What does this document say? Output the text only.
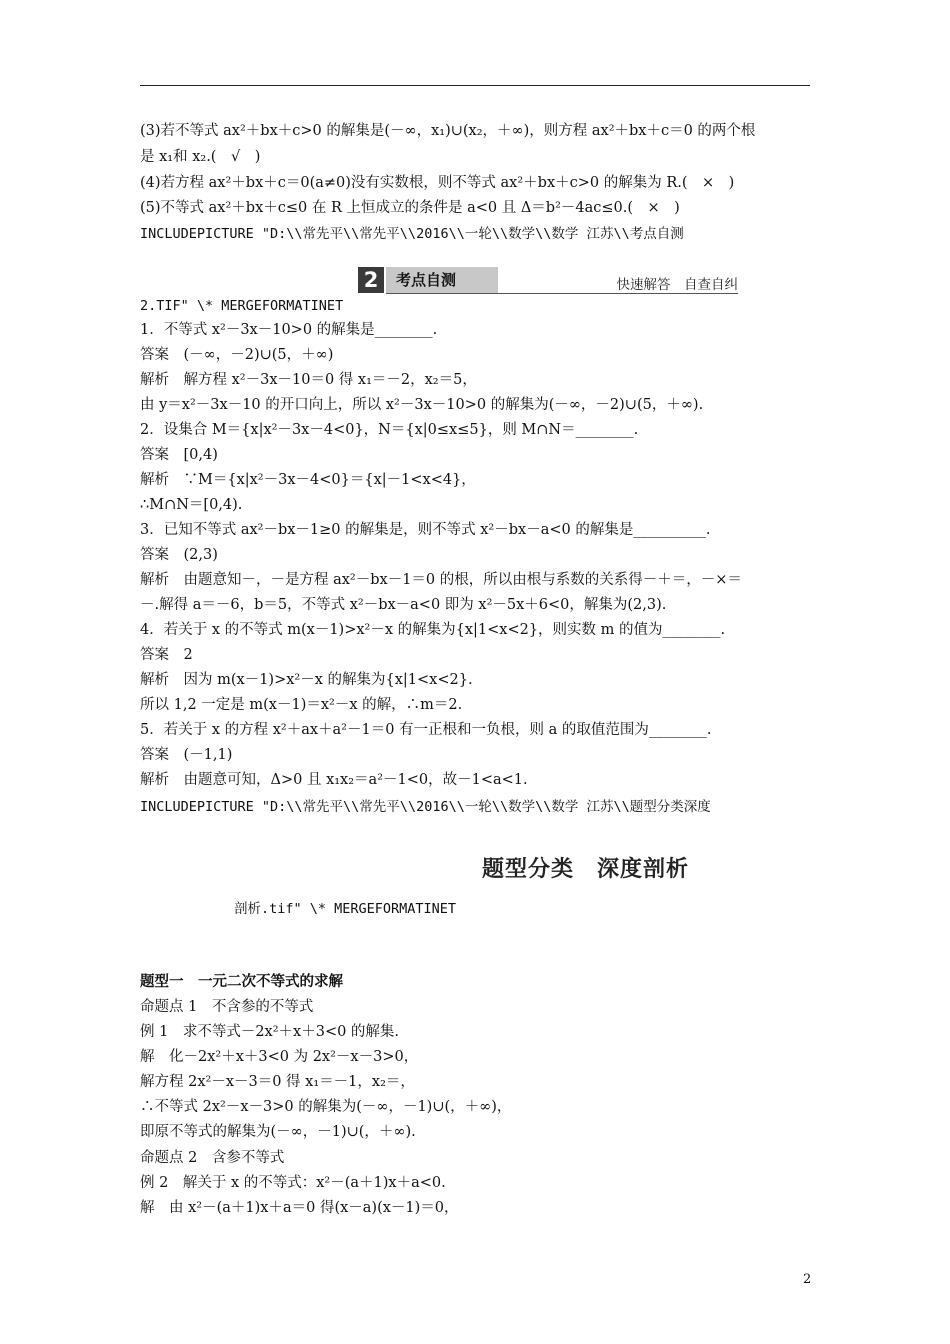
(3)若不等式 ax²＋bx＋c>0 的解集是(－∞，x₁)∪(x₂，＋∞)，则方程 ax²＋bx＋c＝0 的两个根
是 x₁和 x₂.(　√　)
(4)若方程 ax²＋bx＋c＝0(a≠0)没有实数根，则不等式 ax²＋bx＋c>0 的解集为 R.(　×　)
(5)不等式 ax²＋bx＋c≤0 在 R 上恒成立的条件是 a<0 且 Δ＝b²－4ac≤0.(　×　)
INCLUDEPICTURE "D:\\常先平\\常先平\\2016\\一轮\\数学\\数学 江苏\\考点自测
2	考点自测	快速解答　自查自纠
2.TIF" \* MERGEFORMATINET
1．不等式 x²－3x－10>0 的解集是________.
答案　(－∞，－2)∪(5，＋∞)
解析　解方程 x²－3x－10＝0 得 x₁＝－2，x₂＝5，
由 y＝x²－3x－10 的开口向上，所以 x²－3x－10>0 的解集为(－∞，－2)∪(5，＋∞).
2．设集合 M＝{x|x²－3x－4<0}，N＝{x|0≤x≤5}，则 M∩N＝________.
答案　[0,4)
解析　∵M＝{x|x²－3x－4<0}＝{x|－1<x<4}，
∴M∩N＝[0,4).
3．已知不等式 ax²－bx－1≥0 的解集是，则不等式 x²－bx－a<0 的解集是__________.
答案　(2,3)
解析　由题意知－，－是方程 ax²－bx－1＝0 的根，所以由根与系数的关系得－＋＝，－×＝
－.解得 a＝－6，b＝5，不等式 x²－bx－a<0 即为 x²－5x＋6<0，解集为(2,3).
4．若关于 x 的不等式 m(x－1)>x²－x 的解集为{x|1<x<2}，则实数 m 的值为________.
答案　2
解析　因为 m(x－1)>x²－x 的解集为{x|1<x<2}.
所以 1,2 一定是 m(x－1)＝x²－x 的解，∴m＝2.
5．若关于 x 的方程 x²＋ax＋a²－1＝0 有一正根和一负根，则 a 的取值范围为________.
答案　(－1,1)
解析　由题意可知，Δ>0 且 x₁x₂＝a²－1<0，故－1<a<1.
INCLUDEPICTURE "D:\\常先平\\常先平\\2016\\一轮\\数学\\数学 江苏\\题型分类深度
题型分类　深度剖析
剖析.tif" \* MERGEFORMATINET
题型一　一元二次不等式的求解
命题点 1　不含参的不等式
例 1　求不等式－2x²＋x＋3<0 的解集.
解　化－2x²＋x＋3<0 为 2x²－x－3>0，
解方程 2x²－x－3＝0 得 x₁＝－1，x₂＝，
∴不等式 2x²－x－3>0 的解集为(－∞，－1)∪(，＋∞)，
即原不等式的解集为(－∞，－1)∪(，＋∞).
命题点 2　含参不等式
例 2　解关于 x 的不等式：x²－(a＋1)x＋a<0.
解　由 x²－(a＋1)x＋a＝0 得(x－a)(x－1)＝0，
2
